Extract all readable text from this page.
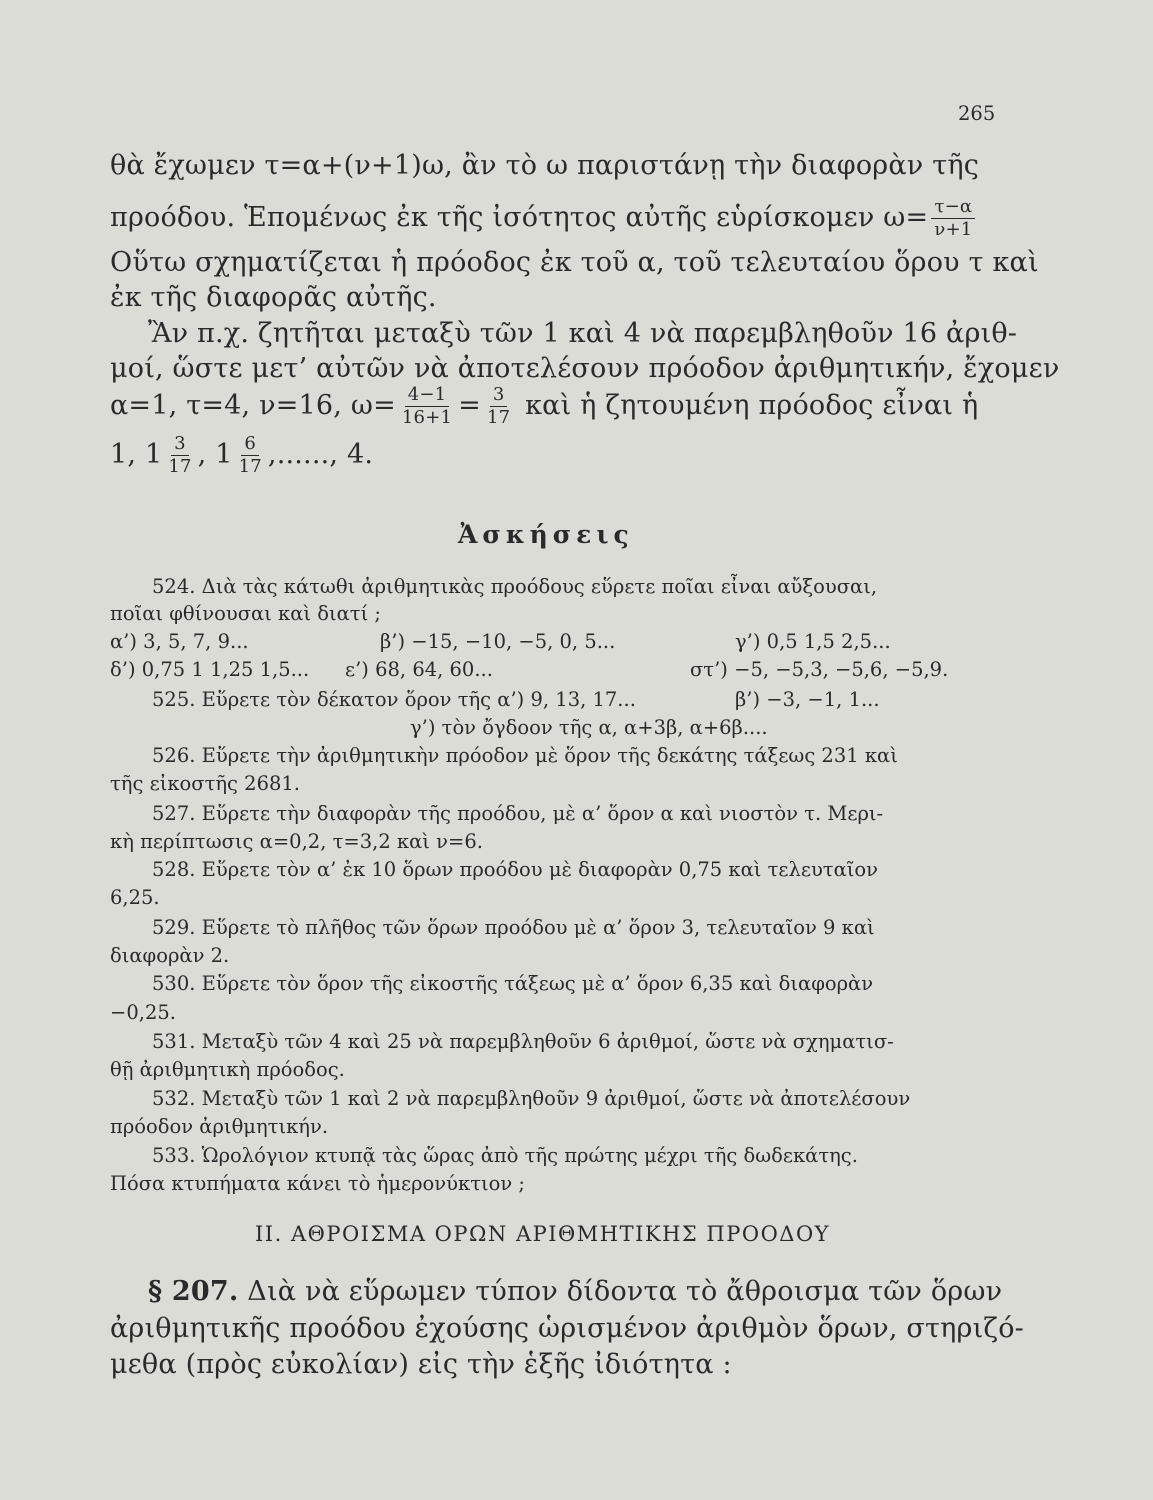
265
θὰ ἔχωμεν τ=α+(ν+1)ω, ἂν τὸ ω παριστάνῃ τὴν διαφορὰν τῆς
προόδου. Ἑπομένως ἐκ τῆς ἰσότητος αὐτῆς εὑρίσκομεν $\omega= \frac{\tau-\alpha}{\nu+1}$
Οὕτω σχηματίζεται ἡ πρόοδος ἐκ τοῦ α, τοῦ τελευταίου ὅρου τ καὶ
ἐκ τῆς διαφορᾶς αὐτῆς.
Ἂν π.χ. ζητῆται μεταξὺ τῶν 1 καὶ 4 νὰ παρεμβληθοῦν 16 ἀριθ-
μοί, ὥστε μετ’ αὐτῶν νὰ ἀποτελέσουν πρόοδον ἀριθμητικήν, ἔχομεν
α=1, τ=4, ν=16, $\omega= \frac{4-1}{16+1} = \frac{3}{17}$ καὶ ἡ ζητουμένη πρόοδος εἶναι ἡ
1, $1 \frac{3}{17}$ , $1 \frac{6}{17}$ ,......, 4.
Ἀσκήσεις
524. Διὰ τὰς κάτωθι ἀριθμητικὰς προόδους εὕρετε ποῖαι εἶναι αὔξουσαι,
ποῖαι φθίνουσαι καὶ διατί ;
α’) 3, 5, 7, 9...	β’) −15, −10, −5, 0, 5...	γ’) 0,5 1,5 2,5...
δ’) 0,75 1 1,25 1,5... ε’) 68, 64, 60...	στ’) −5, −5,3, −5,6, −5,9.
525. Εὕρετε τὸν δέκατον ὅρον τῆς α’) 9, 13, 17...	β’) −3, −1, 1...
γ’) τὸν ὄγδοον τῆς α, α+3β, α+6β....
526. Εὕρετε τὴν ἀριθμητικὴν πρόοδον μὲ ὅρον τῆς δεκάτης τάξεως 231 καὶ
τῆς εἰκοστῆς 2681.
527. Εὕρετε τὴν διαφορὰν τῆς προόδου, μὲ α’ ὅρον α καὶ νιοστὸν τ. Μερι-
κὴ περίπτωσις α=0,2, τ=3,2 καὶ ν=6.
528. Εὕρετε τὸν α’ ἐκ 10 ὅρων προόδου μὲ διαφορὰν 0,75 καὶ τελευταῖον
6,25.
529. Εὕρετε τὸ πλῆθος τῶν ὅρων προόδου μὲ α’ ὅρον 3, τελευταῖον 9 καὶ
διαφορὰν 2.
530. Εὕρετε τὸν ὅρον τῆς εἰκοστῆς τάξεως μὲ α’ ὅρον 6,35 καὶ διαφορὰν
−0,25.
531. Μεταξὺ τῶν 4 καὶ 25 νὰ παρεμβληθοῦν 6 ἀριθμοί, ὥστε νὰ σχηματισ-
θῇ ἀριθμητικὴ πρόοδος.
532. Μεταξὺ τῶν 1 καὶ 2 νὰ παρεμβληθοῦν 9 ἀριθμοί, ὥστε νὰ ἀποτελέσουν
πρόοδον ἀριθμητικήν.
533. Ὡρολόγιον κτυπᾷ τὰς ὥρας ἀπὸ τῆς πρώτης μέχρι τῆς δωδεκάτης.
Πόσα κτυπήματα κάνει τὸ ἡμερονύκτιον ;
ΙΙ. ΑΘΡΟΙΣΜΑ ΟΡΩΝ ΑΡΙΘΜΗΤΙΚΗΣ ΠΡΟΟΔΟΥ
§ 207. Διὰ νὰ εὕρωμεν τύπον δίδοντα τὸ ἄθροισμα τῶν ὅρων
ἀριθμητικῆς προόδου ἐχούσης ὡρισμένον ἀριθμὸν ὅρων, στηριζό-
μεθα (πρὸς εὐκολίαν) εἰς τὴν ἑξῆς ἰδιότητα :
